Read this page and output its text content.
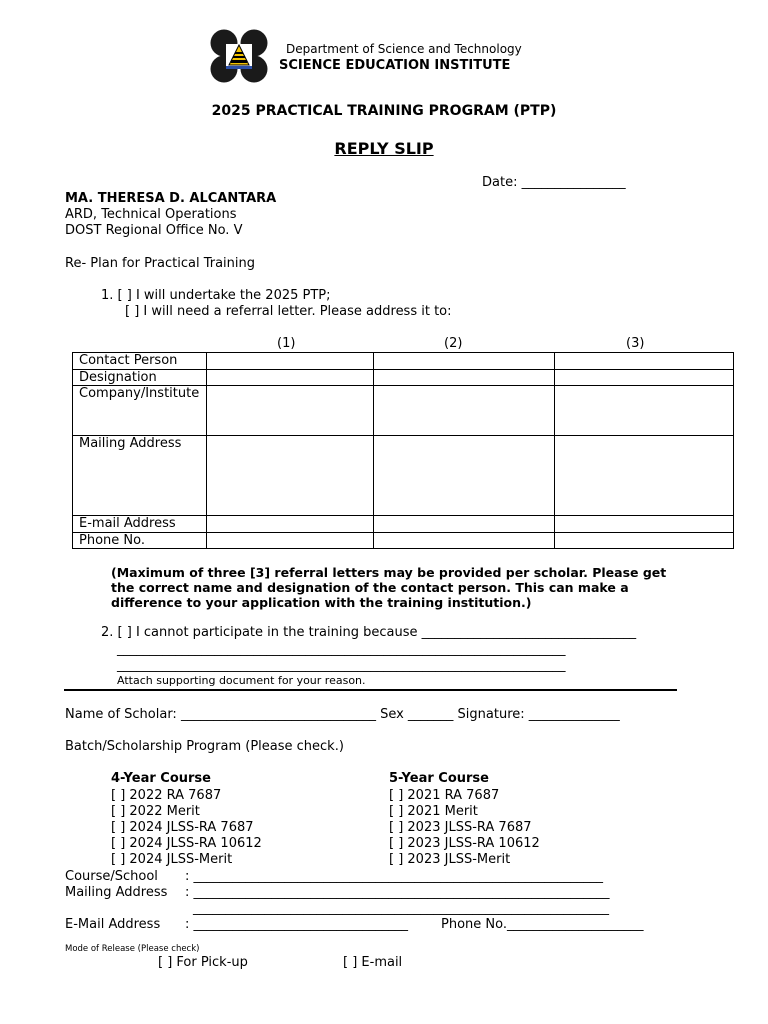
Department of Science and Technology
SCIENCE EDUCATION INSTITUTE
2025 PRACTICAL TRAINING PROGRAM (PTP)
REPLY SLIP
Date: ________________
MA. THERESA D. ALCANTARA
ARD, Technical Operations
DOST Regional Office No. V
Re- Plan for Practical Training
1. [ ] I will undertake the 2025 PTP;
[ ] I will need a referral letter. Please address it to:
(1)	(2)	(3)
Contact Person			
Designation			
Company/Institute			
Mailing Address			
E-mail Address			
Phone No.			
(Maximum of three [3] referral letters may be provided per scholar. Please get the correct name and designation of the contact person. This can make a difference to your application with the training institution.)
2. [ ] I cannot participate in the training because _________________________________
_____________________________________________________________________
_____________________________________________________________________
Attach supporting document for your reason.
Name of Scholar: ______________________________ Sex _______ Signature: ______________
Batch/Scholarship Program (Please check.)
4-Year Course
[ ] 2022 RA 7687
[ ] 2022 Merit
[ ] 2024 JLSS-RA 7687
[ ] 2024 JLSS-RA 10612
[ ] 2024 JLSS-Merit
5-Year Course
[ ] 2021 RA 7687
[ ] 2021 Merit
[ ] 2023 JLSS-RA 7687
[ ] 2023 JLSS-RA 10612
[ ] 2023 JLSS-Merit
Course/School : _______________________________________________________________
Mailing Address : ________________________________________________________________
________________________________________________________________
E-Mail Address : _________________________________	Phone No._____________________
Mode of Release (Please check)
[ ] For Pick-up	[ ] E-mail
